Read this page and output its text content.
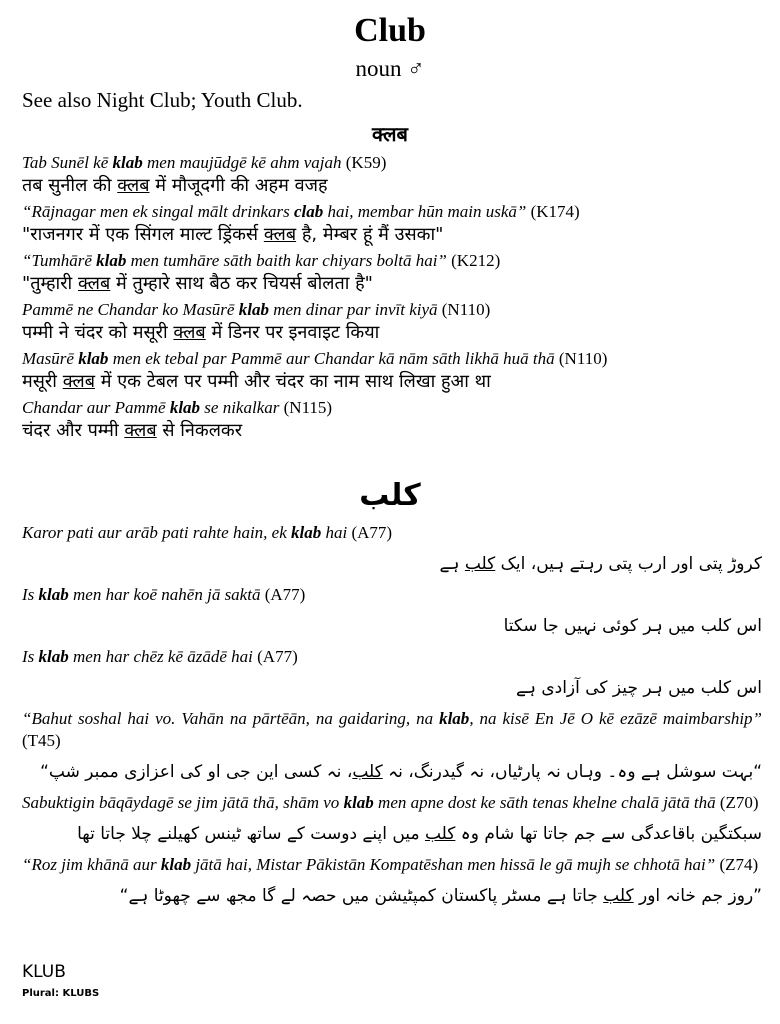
Club
noun ♂
See also Night Club; Youth Club.
क्लब
Tab Sunēl kē klab men maujūdgē kē ahm vajah (K59)
तब सुनील की क्लब में मौजूदगी की अहम वजह
“Rājnagar men ek singal mālt drinkars clab hai, membar hūn main uskā” (K174)
"राजनगर में एक सिंगल माल्ट ड्रिंकर्स क्लब है, मेम्बर हूं मैं उसका"
“Tumhārē klab men tumhāre sāth baith kar chiyars boltā hai” (K212)
"तुम्हारी क्लब में तुम्हारे साथ बैठ कर चियर्स बोलता है"
Pammē ne Chandar ko Masūrē klab men dinar par invīt kiyā (N110)
पम्मी ने चंदर को मसूरी क्लब में डिनर पर इनवाइट किया
Masūrē klab men ek tebal par Pammē aur Chandar kā nām sāth likhā huā thā (N110)
मसूरी क्लब में एक टेबल पर पम्मी और चंदर का नाम साथ लिखा हुआ था
Chandar aur Pammē klab se nikalkar (N115)
चंदर और पम्मी क्लब से निकलकर
کلب
Karor pati aur arāb pati rahte hain, ek klab hai (A77)
کروڑ پتی اور ارب پتی رہتے ہیں، ایک کلب ہے
Is klab men har koē nahēn jā saktā (A77)
اس کلب میں ہر کوئی نہیں جا سکتا
Is klab men har chēz kē āzādē hai (A77)
اس کلب میں ہر چیز کی آزادی ہے
“Bahut soshal hai vo. Vahān na pārtēān, na gaidaring, na klab, na kisē En Jē O kē ezāzē maimbarship” (T45)
“بہت سوشل ہے وہ۔ وہاں نہ پارٹیاں، نہ گیدرنگ، نہ کلب، نہ کسی این جی او کی اعزازی ممبر شپ“
Sabuktigin bāqāydagē se jim jātā thā, shām vo klab men apne dost ke sāth tenas khelne chalā jātā thā (Z70)
سبکتگین باقاعدگی سے جم جاتا تھا شام وہ کلب میں اپنے دوست کے ساتھ ٹینس کھیلنے چلا جاتا تھا
“Roz jim khānā aur klab jātā hai, Mistar Pākistān Kompatēshan men hissā le gā mujh se chhotā hai” (Z74)
”روز جم خانہ اور کلب جاتا ہے مسٹر پاکستان کمپٹیشن میں حصہ لے گا مجھ سے چھوٹا ہے“
KLUB
Plural: KLUBS
